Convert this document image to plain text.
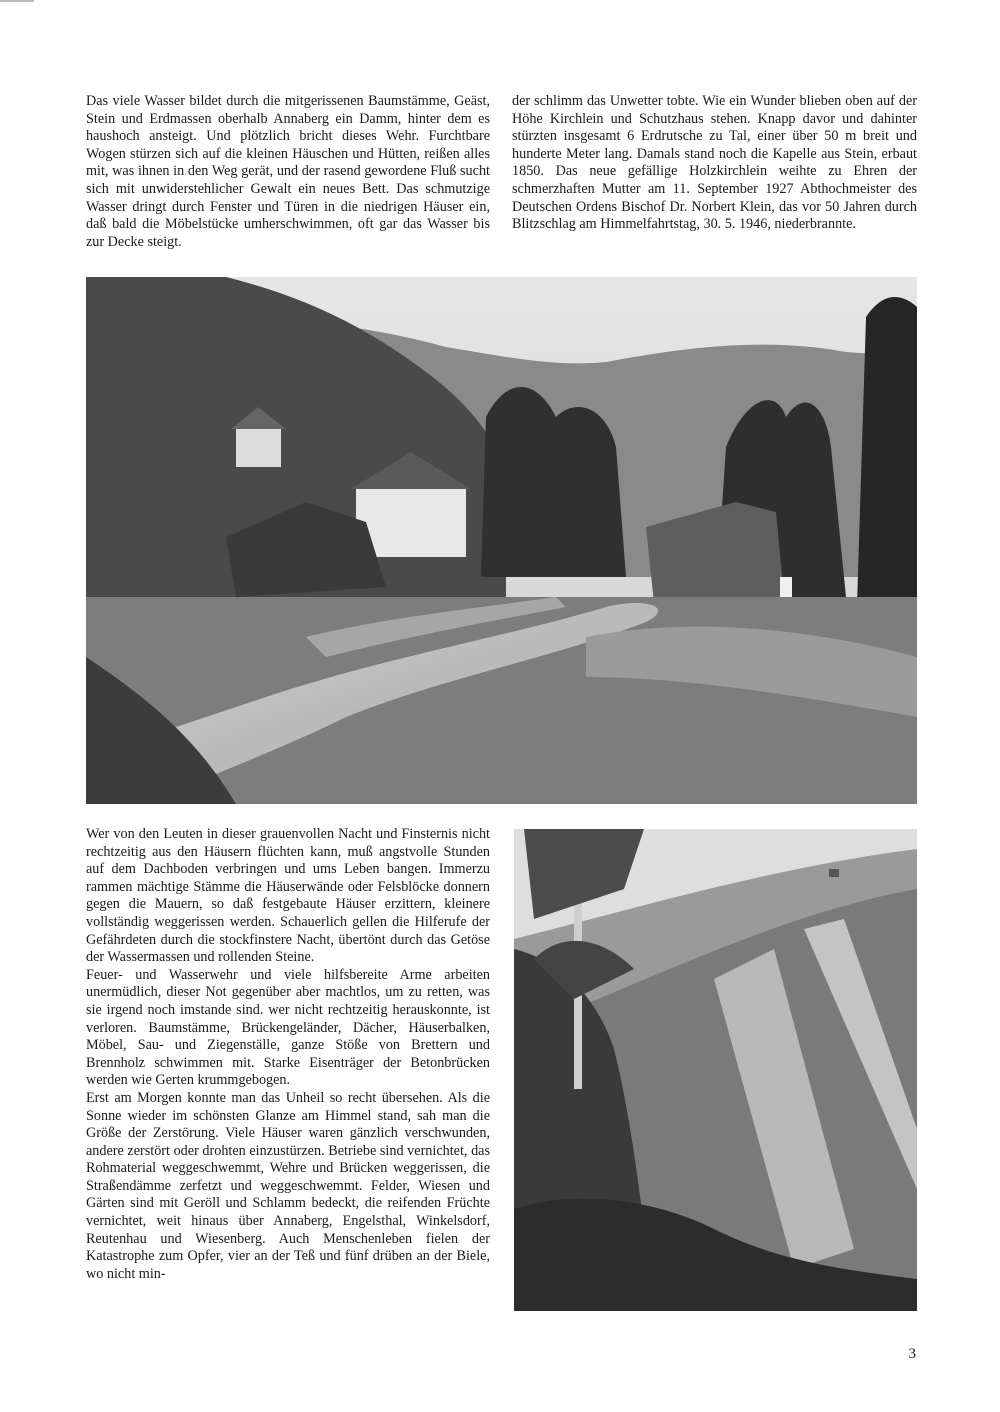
Das viele Wasser bildet durch die mitgerissenen Baumstämme, Geäst, Stein und Erdmassen oberhalb Annaberg ein Damm, hinter dem es haushoch ansteigt. Und plötzlich bricht dieses Wehr. Furchtbare Wogen stürzen sich auf die kleinen Häuschen und Hütten, reißen alles mit, was ihnen in den Weg gerät, und der rasend gewordene Fluß sucht sich mit unwiderstehlicher Gewalt ein neues Bett. Das schmutzige Wasser dringt durch Fenster und Türen in die niedrigen Häuser ein, daß bald die Möbelstücke umherschwimmen, oft gar das Wasser bis zur Decke steigt.

der schlimm das Unwetter tobte. Wie ein Wunder blieben oben auf der Höhe Kirchlein und Schutzhaus stehen. Knapp davor und dahinter stürzten insgesamt 6 Erdrutsche zu Tal, einer über 50 m breit und hunderte Meter lang. Damals stand noch die Kapelle aus Stein, erbaut 1850. Das neue gefällige Holzkirchlein weihte zu Ehren der schmerzhaften Mutter am 11. September 1927 Abthochmeister des Deutschen Ordens Bischof Dr. Norbert Klein, das vor 50 Jahren durch Blitzschlag am Himmelfahrtstag, 30. 5. 1946, niederbrannte.

Wer von den Leuten in dieser grauenvollen Nacht und Finsternis nicht rechtzeitig aus den Häusern flüchten kann, muß angstvolle Stunden auf dem Dachboden verbringen und ums Leben bangen. Immerzu rammen mächtige Stämme die Häuserwände oder Felsblöcke donnern gegen die Mauern, so daß festgebaute Häuser erzittern, kleinere vollständig weggerissen werden. Schauerlich gellen die Hilferufe der Gefährdeten durch die stockfinstere Nacht, übertönt durch das Getöse der Wassermassen und rollenden Steine.

Feuer- und Wasserwehr und viele hilfsbereite Arme arbeiten unermüdlich, dieser Not gegenüber aber machtlos, um zu retten, was sie irgend noch imstande sind. wer nicht rechtzeitig herauskonnte, ist verloren. Baumstämme, Brückengeländer, Dächer, Häuserbalken, Möbel, Sau- und Ziegenställe, ganze Stöße von Brettern und Brennholz schwimmen mit. Starke Eisenträger der Betonbrücken werden wie Gerten krummgebogen.

Erst am Morgen konnte man das Unheil so recht übersehen. Als die Sonne wieder im schönsten Glanze am Himmel stand, sah man die Größe der Zerstörung. Viele Häuser waren gänzlich verschwunden, andere zerstört oder drohten einzustürzen. Betriebe sind vernichtet, das Rohmaterial weggeschwemmt, Wehre und Brücken weggerissen, die Straßendämme zerfetzt und weggeschwemmt. Felder, Wiesen und Gärten sind mit Geröll und Schlamm bedeckt, die reifenden Früchte vernichtet, weit hinaus über Annaberg, Engelsthal, Winkelsdorf, Reutenhau und Wiesenberg. Auch Menschenleben fielen der Katastrophe zum Opfer, vier an der Teß und fünf drüben an der Biele, wo nicht min-

3
